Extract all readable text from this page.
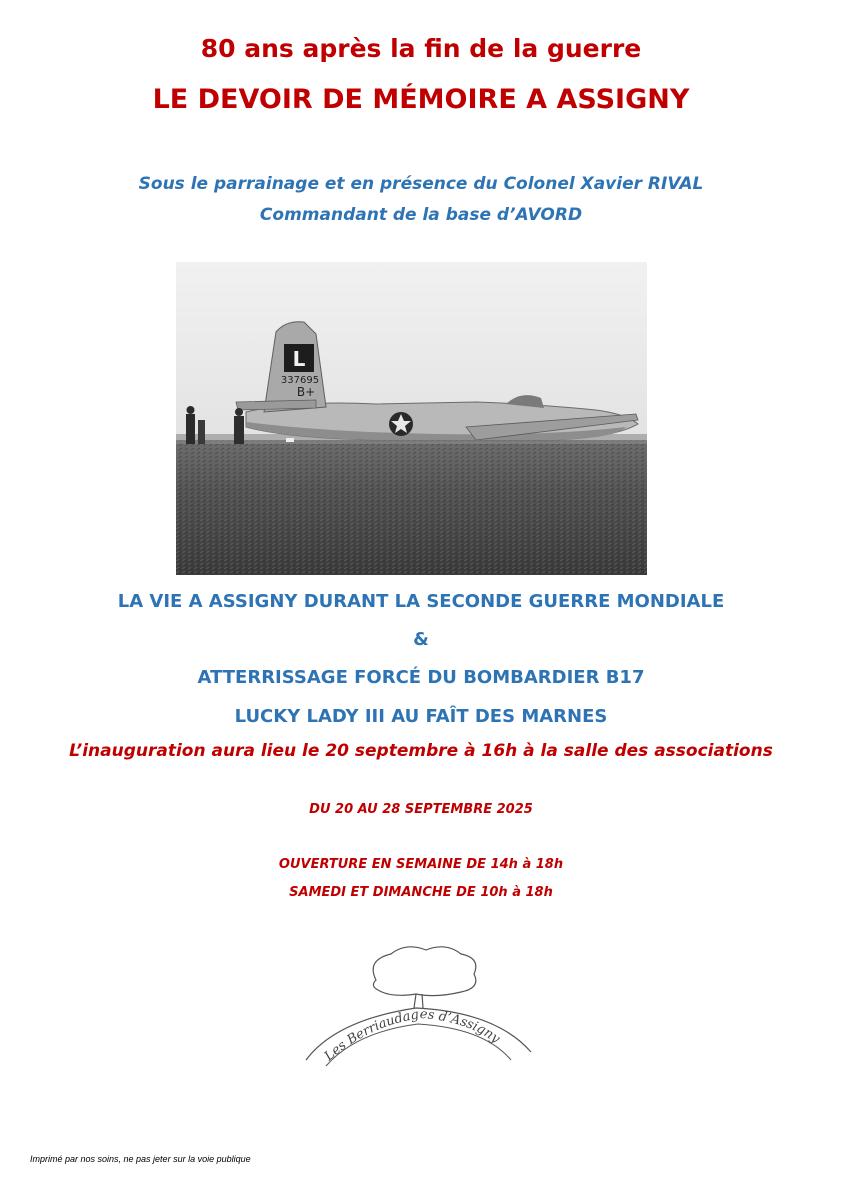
80 ans après la fin de la guerre
LE DEVOIR DE MÉMOIRE A ASSIGNY
Sous le parrainage et en présence du Colonel Xavier RIVAL
Commandant de la base d’AVORD
L
337695
B+
LA VIE A ASSIGNY DURANT LA SECONDE GUERRE MONDIALE
&
ATTERRISSAGE FORCÉ DU BOMBARDIER B17
LUCKY LADY III AU FAÎT DES MARNES
L’inauguration aura lieu le 20 septembre à 16h à la salle des associations
DU 20 AU 28 SEPTEMBRE 2025
OUVERTURE EN SEMAINE DE 14h à 18h
SAMEDI ET DIMANCHE DE 10h à 18h
Les Berriaudages d’Assigny
Imprimé par nos soins, ne pas jeter sur la voie publique
